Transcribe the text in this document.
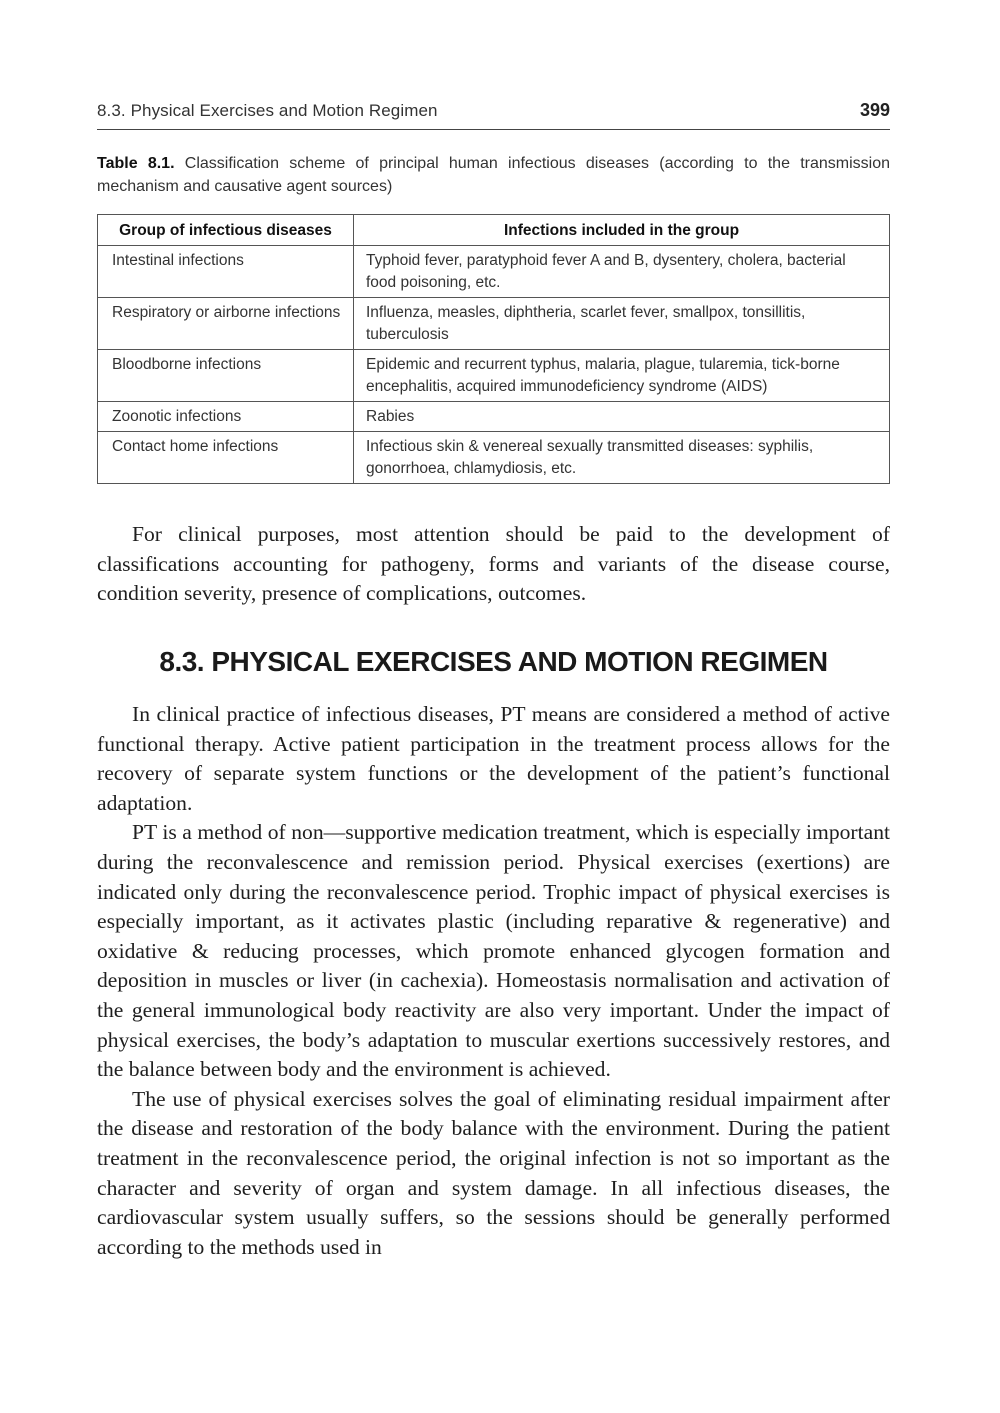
8.3. Physical Exercises and Motion Regimen	399
Table 8.1. Classification scheme of principal human infectious diseases (according to the transmission mechanism and causative agent sources)
Group of infectious diseases	Infections included in the group
Intestinal infections	Typhoid fever, paratyphoid fever A and B, dysentery, cholera, bacterial food poisoning, etc.
Respiratory or airborne infections	Influenza, measles, diphtheria, scarlet fever, smallpox, tonsillitis, tuberculosis
Bloodborne infections	Epidemic and recurrent typhus, malaria, plague, tularemia, tick-borne encephalitis, acquired immunodeficiency syndrome (AIDS)
Zoonotic infections	Rabies
Contact home infections	Infectious skin & venereal sexually transmitted diseases: syphilis, gonorrhoea, chlamydiosis, etc.

For clinical purposes, most attention should be paid to the development of classifications accounting for pathogeny, forms and variants of the disease course, condition severity, presence of complications, outcomes.

8.3. PHYSICAL EXERCISES AND MOTION REGIMEN

In clinical practice of infectious diseases, PT means are considered a method of active functional therapy. Active patient participation in the treatment process allows for the recovery of separate system functions or the development of the patient’s functional adaptation.

PT is a method of non—supportive medication treatment, which is especially important during the reconvalescence and remission period. Physical exercises (exertions) are indicated only during the reconvalescence period. Trophic impact of physical exercises is especially important, as it activates plastic (including reparative & regenerative) and oxidative & reducing processes, which promote enhanced glycogen formation and deposition in muscles or liver (in cachexia). Homeostasis normalisation and activation of the general immunological body reactivity are also very important. Under the impact of physical exercises, the body’s adaptation to muscular exertions successively restores, and the balance between body and the environment is achieved.

The use of physical exercises solves the goal of eliminating residual impairment after the disease and restoration of the body balance with the environment. During the patient treatment in the reconvalescence period, the original infection is not so important as the character and severity of organ and system damage. In all infectious diseases, the cardiovascular system usually suffers, so the sessions should be generally performed according to the methods used in
